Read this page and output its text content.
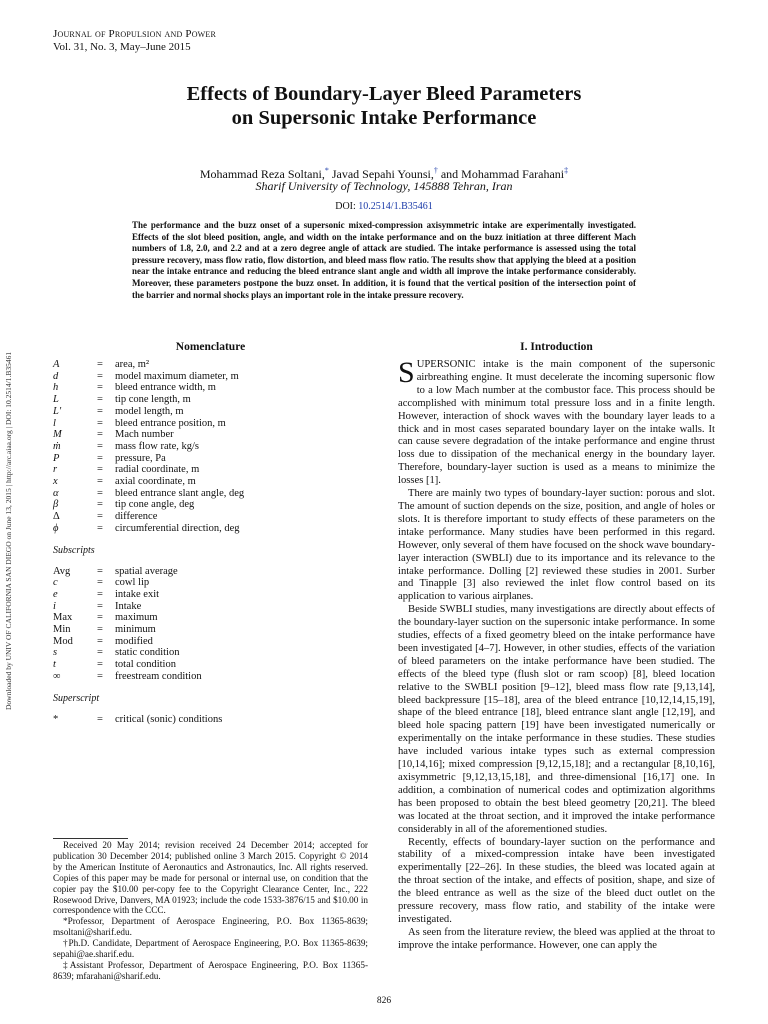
Downloaded by UNIV OF CALIFORNIA SAN DIEGO on June 13, 2015 | http://arc.aiaa.org | DOI: 10.2514/1.B35461
Journal of Propulsion and Power
Vol. 31, No. 3, May–June 2015
Effects of Boundary-Layer Bleed Parameters
on Supersonic Intake Performance
Mohammad Reza Soltani,* Javad Sepahi Younsi,† and Mohammad Farahani‡
Sharif University of Technology, 145888 Tehran, Iran
DOI: 10.2514/1.B35461
The performance and the buzz onset of a supersonic mixed-compression axisymmetric intake are experimentally investigated. Effects of the slot bleed position, angle, and width on the intake performance and on the buzz initiation at three different Mach numbers of 1.8, 2.0, and 2.2 and at a zero degree angle of attack are studied. The intake performance is assessed using the total pressure recovery, mass flow ratio, flow distortion, and bleed mass flow ratio. The results show that applying the bleed at a position near the intake entrance and reducing the bleed entrance slant angle and width all improve the intake performance considerably. Moreover, these parameters postpone the buzz onset. In addition, it is found that the vertical position of the intersection point of the barrier and normal shocks plays an important role in the intake pressure recovery.
Nomenclature
A	=	area, m²
d	=	model maximum diameter, m
h	=	bleed entrance width, m
L	=	tip cone length, m
L′	=	model length, m
l	=	bleed entrance position, m
M	=	Mach number
ṁ	=	mass flow rate, kg/s
P	=	pressure, Pa
r	=	radial coordinate, m
x	=	axial coordinate, m
α	=	bleed entrance slant angle, deg
β	=	tip cone angle, deg
Δ	=	difference
ϕ	=	circumferential direction, deg
Subscripts
Avg	=	spatial average
c	=	cowl lip
e	=	intake exit
i	=	Intake
Max	=	maximum
Min	=	minimum
Mod	=	modified
s	=	static condition
t	=	total condition
∞	=	freestream condition
Superscript
*	=	critical (sonic) conditions

Received 20 May 2014; revision received 24 December 2014; accepted for publication 30 December 2014; published online 3 March 2015. Copyright © 2014 by the American Institute of Aeronautics and Astronautics, Inc. All rights reserved. Copies of this paper may be made for personal or internal use, on condition that the copier pay the $10.00 per-copy fee to the Copyright Clearance Center, Inc., 222 Rosewood Drive, Danvers, MA 01923; include the code 1533-3876/15 and $10.00 in correspondence with the CCC.

*Professor, Department of Aerospace Engineering, P.O. Box 11365-8639; msoltani@sharif.edu.

†Ph.D. Candidate, Department of Aerospace Engineering, P.O. Box 11365-8639; sepahi@ae.sharif.edu.

‡Assistant Professor, Department of Aerospace Engineering, P.O. Box 11365-8639; mfarahani@sharif.edu.

I. Introduction

SUPERSONIC intake is the main component of the supersonic airbreathing engine. It must decelerate the incoming supersonic flow to a low Mach number at the combustor face. This process should be accomplished with minimum total pressure loss and in a finite length. However, interaction of shock waves with the boundary layer leads to a thick and in most cases separated boundary layer on the intake walls. It can cause severe degradation of the intake performance and engine thrust loss due to dissipation of the mechanical energy in the boundary layer. Therefore, boundary-layer suction is used as a means to minimize the losses [1].

There are mainly two types of boundary-layer suction: porous and slot. The amount of suction depends on the size, position, and angle of holes or slots. It is therefore important to study effects of these parameters on the intake performance. Many studies have been performed in this regard. However, only several of them have focused on the shock wave boundary-layer interaction (SWBLI) due to its importance and its relevance to the intake performance. Dolling [2] reviewed these studies in 2001. Surber and Tinapple [3] also reviewed the inlet flow control based on its application to various airplanes.

Beside SWBLI studies, many investigations are directly about effects of the boundary-layer suction on the supersonic intake performance. In some studies, effects of a fixed geometry bleed on the intake performance have been investigated [4–7]. However, in other studies, effects of the variation of bleed parameters on the intake performance have been studied. The effects of the bleed type (flush slot or ram scoop) [8], bleed location relative to the SWBLI position [9–12], bleed mass flow rate [9,13,14], bleed backpressure [15–18], area of the bleed entrance [10,12,14,15,19], shape of the bleed entrance [18], bleed entrance slant angle [12,19], and bleed hole spacing pattern [19] have been investigated numerically or experimentally on the intake performance in these studies. These studies have included various intake types such as external compression [10,14,16]; mixed compression [9,12,15,18]; and a rectangular [8,10,16], axisymmetric [9,12,13,15,18], and three-dimensional [16,17] one. In addition, a combination of numerical codes and optimization algorithms has been proposed to obtain the best bleed geometry [20,21]. The bleed was located at the throat section, and it improved the intake performance considerably in all of the aforementioned studies.

Recently, effects of boundary-layer suction on the performance and stability of a mixed-compression intake have been investigated experimentally [22–26]. In these studies, the bleed was located again at the throat section of the intake, and effects of position, shape, and size of the bleed entrance as well as the size of the bleed duct outlet on the pressure recovery, mass flow ratio, and stability of the intake were investigated.

As seen from the literature review, the bleed was applied at the throat to improve the intake performance. However, one can apply the

826
